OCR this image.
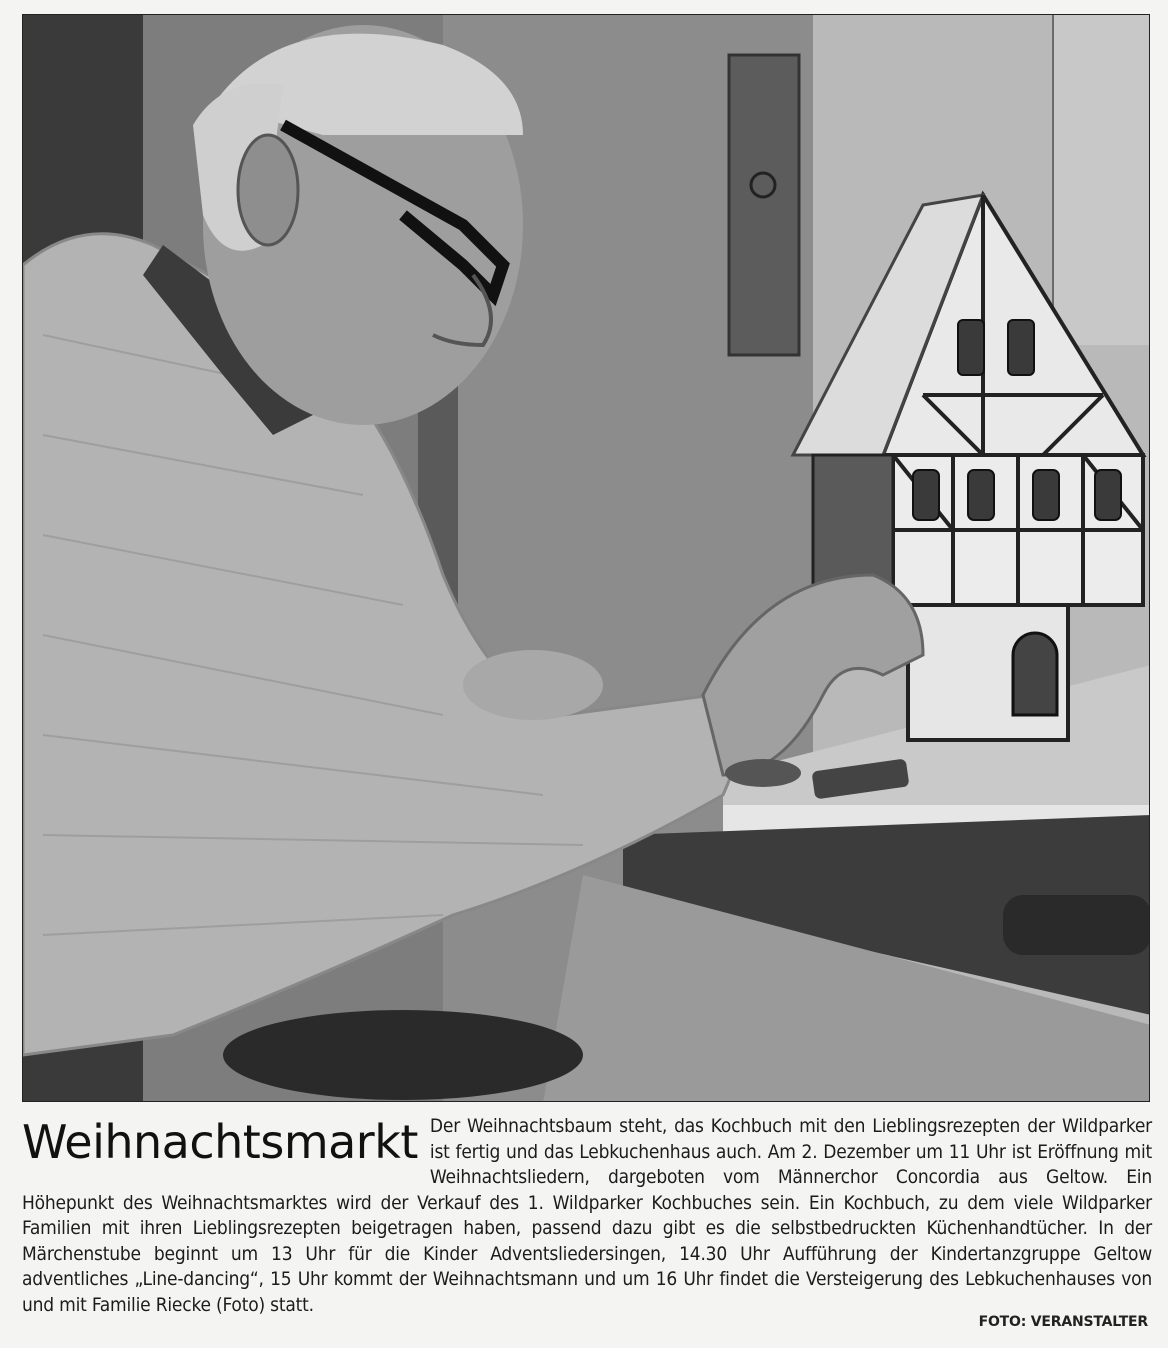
Weihnachtsmarkt Der Weihnachtsbaum steht, das Kochbuch mit den Lieblingsrezepten der Wildparker ist fertig und das Lebkuchenhaus auch. Am 2. Dezember um 11 Uhr ist Eröffnung mit Weihnachtsliedern, dargeboten vom Männerchor Concordia aus Geltow. Ein Höhepunkt des Weihnachtsmarktes wird der Verkauf des 1. Wildparker Kochbuches sein. Ein Kochbuch, zu dem viele Wildparker Familien mit ihren Lieblingsrezepten beigetragen haben, passend dazu gibt es die selbstbedruckten Küchenhandtücher. In der Märchenstube beginnt um 13 Uhr für die Kinder Adventsliedersingen, 14.30 Uhr Aufführung der Kindertanzgruppe Geltow adventliches „Line-dancing“, 15 Uhr kommt der Weihnachtsmann und um 16 Uhr findet die Versteigerung des Lebkuchenhauses von und mit Familie Riecke (Foto) statt.

FOTO: VERANSTALTER
